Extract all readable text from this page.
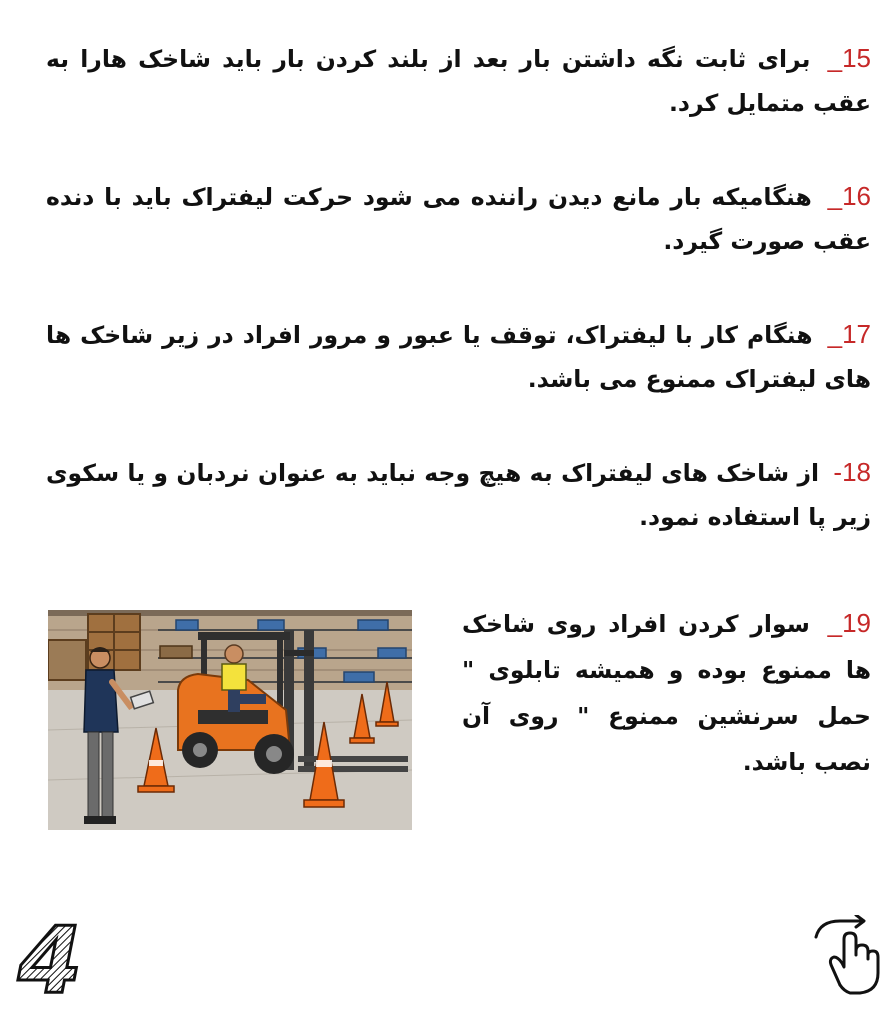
15_ برای ثابت نگه داشتن بار بعد از بلند کردن بار باید شاخک هارا به عقب متمایل کرد.

16_ هنگامیکه بار مانع دیدن راننده می شود حرکت لیفتراک باید با دنده عقب صورت گیرد.

17_ هنگام کار با لیفتراک، توقف یا عبور و مرور افراد در زیر شاخک ها های لیفتراک ممنوع می باشد.

18- از شاخک های لیفتراک به هیچ وجه نباید به عنوان نردبان و یا سکوی زیر پا استفاده نمود.

19_ سوار کردن افراد روی شاخک ها ممنوع بوده و همیشه تابلوی " حمل سرنشین ممنوع " روی آن نصب باشد.

4
